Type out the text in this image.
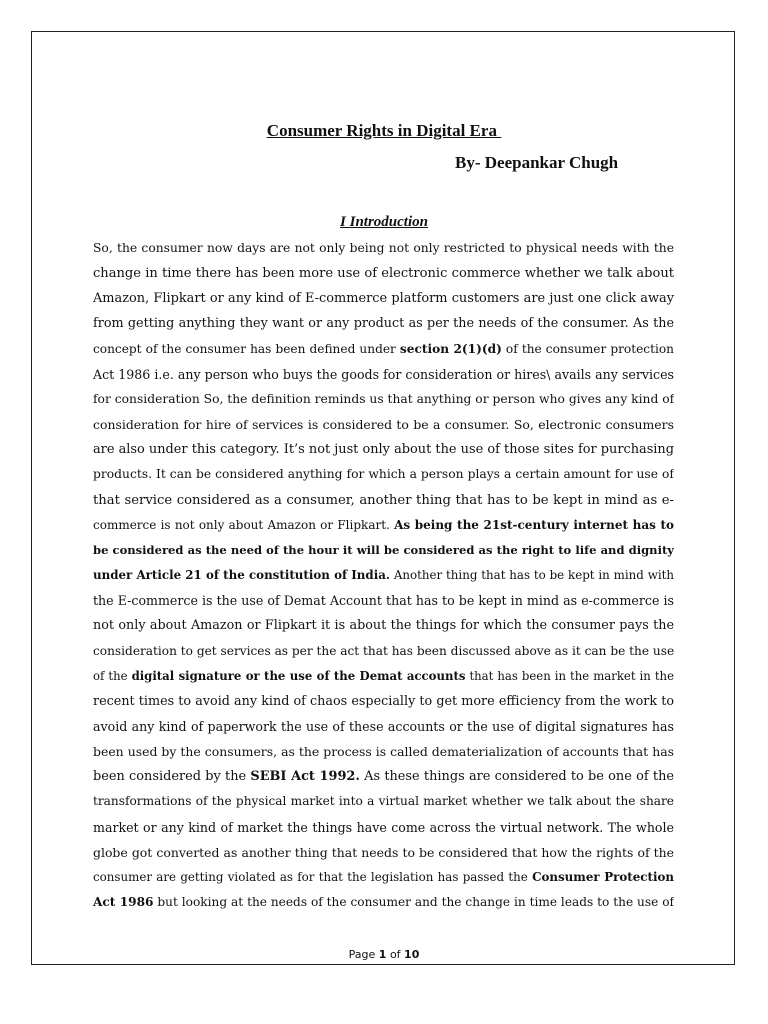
Consumer Rights in Digital Era
By- Deepankar Chugh
I Introduction
So, the consumer now days are not only being not only restricted to physical needs with the
change in time there has been more use of electronic commerce whether we talk about
Amazon, Flipkart or any kind of E-commerce platform customers are just one click away
from getting anything they want or any product as per the needs of the consumer. As the
concept of the consumer has been defined under section 2(1)(d) of the consumer protection
Act 1986 i.e. any person who buys the goods for consideration or hires\ avails any services
for consideration So, the definition reminds us that anything or person who gives any kind of
consideration for hire of services is considered to be a consumer. So, electronic consumers
are also under this category. It’s not just only about the use of those sites for purchasing
products. It can be considered anything for which a person plays a certain amount for use of
that service considered as a consumer, another thing that has to be kept in mind as e-
commerce is not only about Amazon or Flipkart. As being the 21st-century internet has to
be considered as the need of the hour it will be considered as the right to life and dignity
under Article 21 of the constitution of India. Another thing that has to be kept in mind with
the E-commerce is the use of Demat Account that has to be kept in mind as e-commerce is
not only about Amazon or Flipkart it is about the things for which the consumer pays the
consideration to get services as per the act that has been discussed above as it can be the use
of the digital signature or the use of the Demat accounts that has been in the market in the
recent times to avoid any kind of chaos especially to get more efficiency from the work to
avoid any kind of paperwork the use of these accounts or the use of digital signatures has
been used by the consumers, as the process is called dematerialization of accounts that has
been considered by the SEBI Act 1992. As these things are considered to be one of the
transformations of the physical market into a virtual market whether we talk about the share
market or any kind of market the things have come across the virtual network. The whole
globe got converted as another thing that needs to be considered that how the rights of the
consumer are getting violated as for that the legislation has passed the Consumer Protection
Act 1986 but looking at the needs of the consumer and the change in time leads to the use of
Page 1 of 10
